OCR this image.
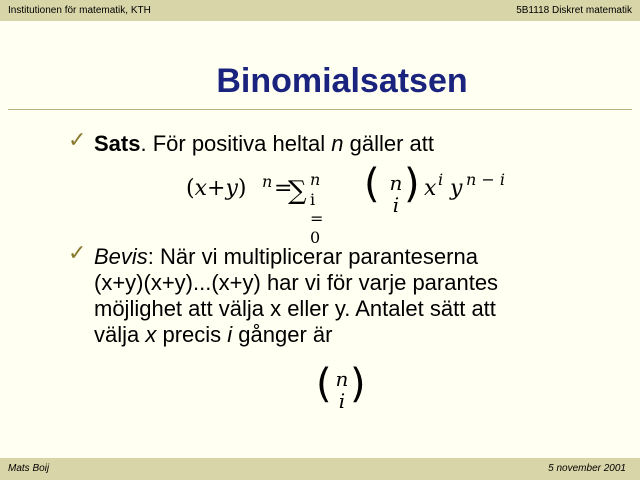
Institutionen för matematik, KTH	5B1118 Diskret matematik
Binomialsatsen
✓ Sats. För positiva heltal n gäller att
(x+y) n =
∑ n
i = 0
( n
i ) x i y n − i
✓ Bevis: När vi multiplicerar paranteserna
(x+y)(x+y)...(x+y) har vi för varje parantes
möjlighet att välja x eller y. Antalet sätt att
välja x precis i gånger är
( n
i )
Mats Boij	5 november 2001
